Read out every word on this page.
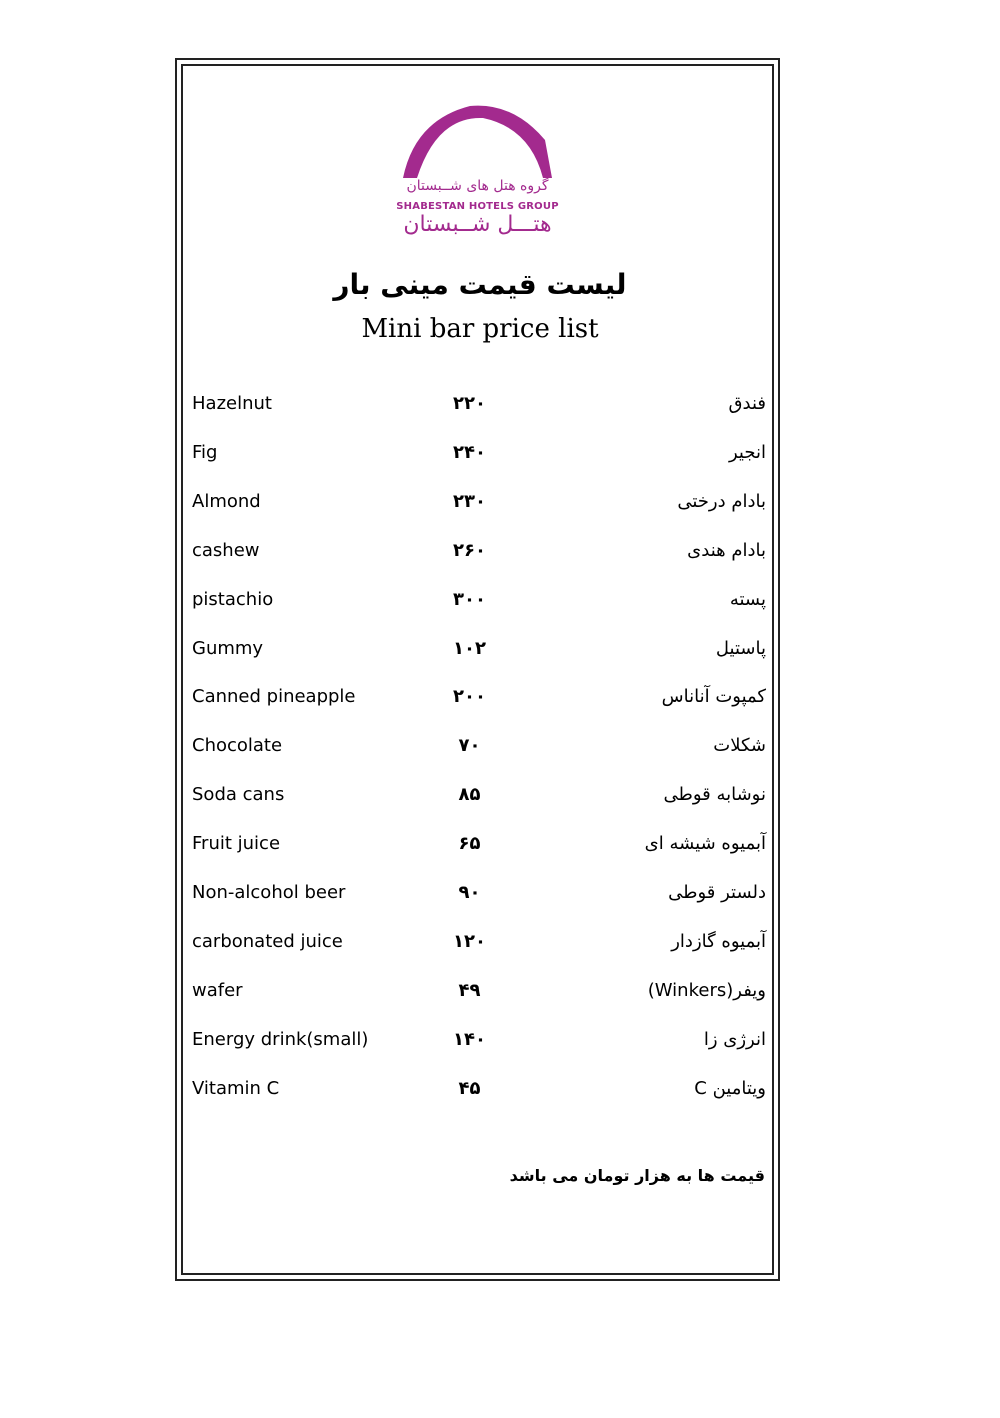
گروه هتل های شــبستان
SHABESTAN HOTELS GROUP
هتـــل شــبستان
لیست قیمت مینی بار
Mini bar price list
Hazelnut	۲۲۰	فندق
Fig	۲۴۰	انجیر
Almond	۲۳۰	بادام درختی
cashew	۲۶۰	بادام هندی
pistachio	۳۰۰	پسته
Gummy	۱۰۲	پاستیل
Canned pineapple	۲۰۰	کمپوت آناناس
Chocolate	۷۰	شکلات
Soda cans	۸۵	نوشابه قوطی
Fruit juice	۶۵	آبمیوه شیشه ای
Non-alcohol beer	۹۰	دلستر قوطی
carbonated juice	۱۲۰	آبمیوه گازدار
wafer	۴۹	ویفر(Winkers)
Energy drink(small)	۱۴۰	انرژی زا
Vitamin C	۴۵	ویتامین C
قیمت ها به هزار تومان می باشد
